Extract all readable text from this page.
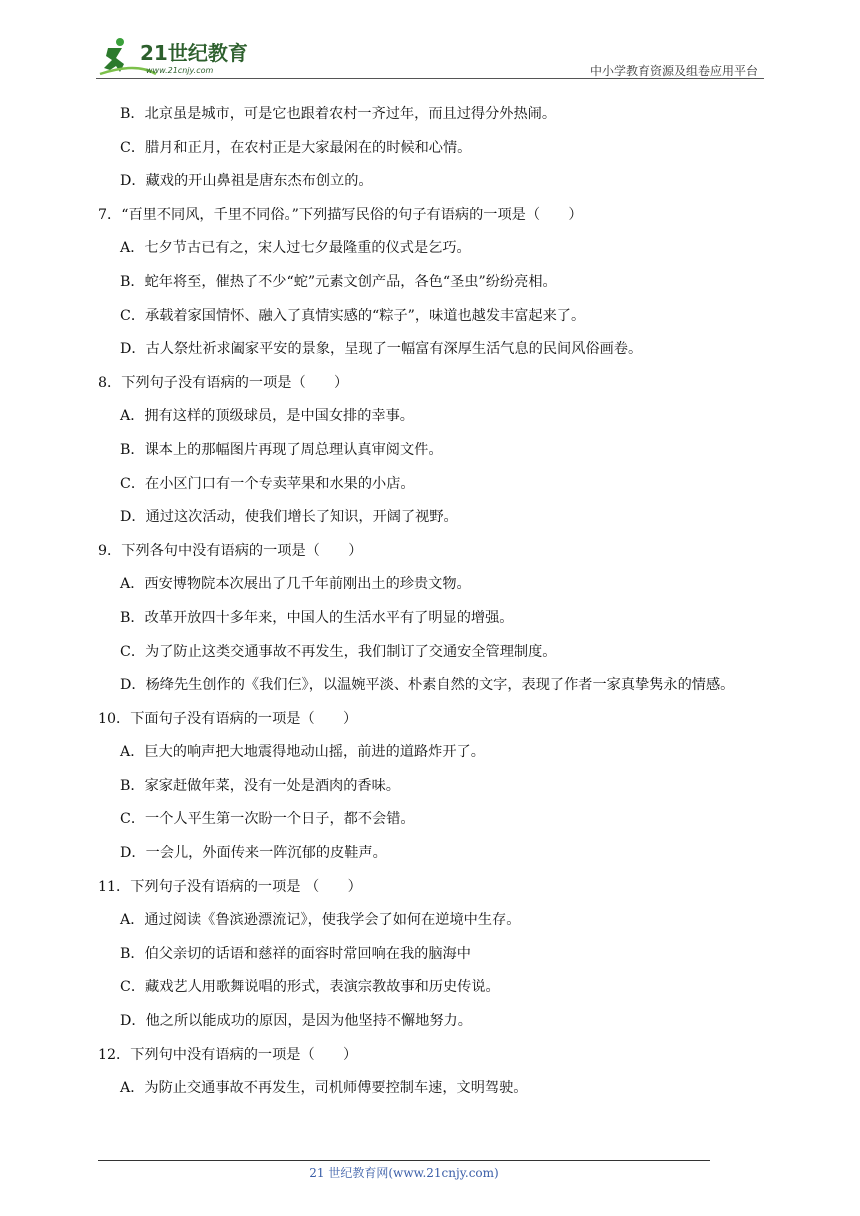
21世纪教育
www.21cnjy.com	中小学教育资源及组卷应用平台
B．北京虽是城市，可是它也跟着农村一齐过年，而且过得分外热闹。
C．腊月和正月，在农村正是大家最闲在的时候和心情。
D．藏戏的开山鼻祖是唐东杰布创立的。
7．“百里不同风，千里不同俗。”下列描写民俗的句子有语病的一项是（　　）
A．七夕节古已有之，宋人过七夕最隆重的仪式是乞巧。
B．蛇年将至，催热了不少“蛇”元素文创产品，各色“圣虫”纷纷亮相。
C．承载着家国情怀、融入了真情实感的“粽子”，味道也越发丰富起来了。
D．古人祭灶祈求阖家平安的景象，呈现了一幅富有深厚生活气息的民间风俗画卷。
8．下列句子没有语病的一项是（　　）
A．拥有这样的顶级球员，是中国女排的幸事。
B．课本上的那幅图片再现了周总理认真审阅文件。
C．在小区门口有一个专卖苹果和水果的小店。
D．通过这次活动，使我们增长了知识，开阔了视野。
9．下列各句中没有语病的一项是（　　）
A．西安博物院本次展出了几千年前刚出土的珍贵文物。
B．改革开放四十多年来，中国人的生活水平有了明显的增强。
C．为了防止这类交通事故不再发生，我们制订了交通安全管理制度。
D．杨绛先生创作的《我们仨》，以温婉平淡、朴素自然的文字，表现了作者一家真挚隽永的情感。
10．下面句子没有语病的一项是（　　）
A．巨大的响声把大地震得地动山摇，前进的道路炸开了。
B．家家赶做年菜，没有一处是酒肉的香味。
C．一个人平生第一次盼一个日子，都不会错。
D．一会儿，外面传来一阵沉郁的皮鞋声。
11．下列句子没有语病的一项是 （　　）
A．通过阅读《鲁滨逊漂流记》，使我学会了如何在逆境中生存。
B．伯父亲切的话语和慈祥的面容时常回响在我的脑海中
C．藏戏艺人用歌舞说唱的形式，表演宗教故事和历史传说。
D．他之所以能成功的原因，是因为他坚持不懈地努力。
12．下列句中没有语病的一项是（　　）
A．为防止交通事故不再发生，司机师傅要控制车速，文明驾驶。
21 世纪教育网(www.21cnjy.com)
